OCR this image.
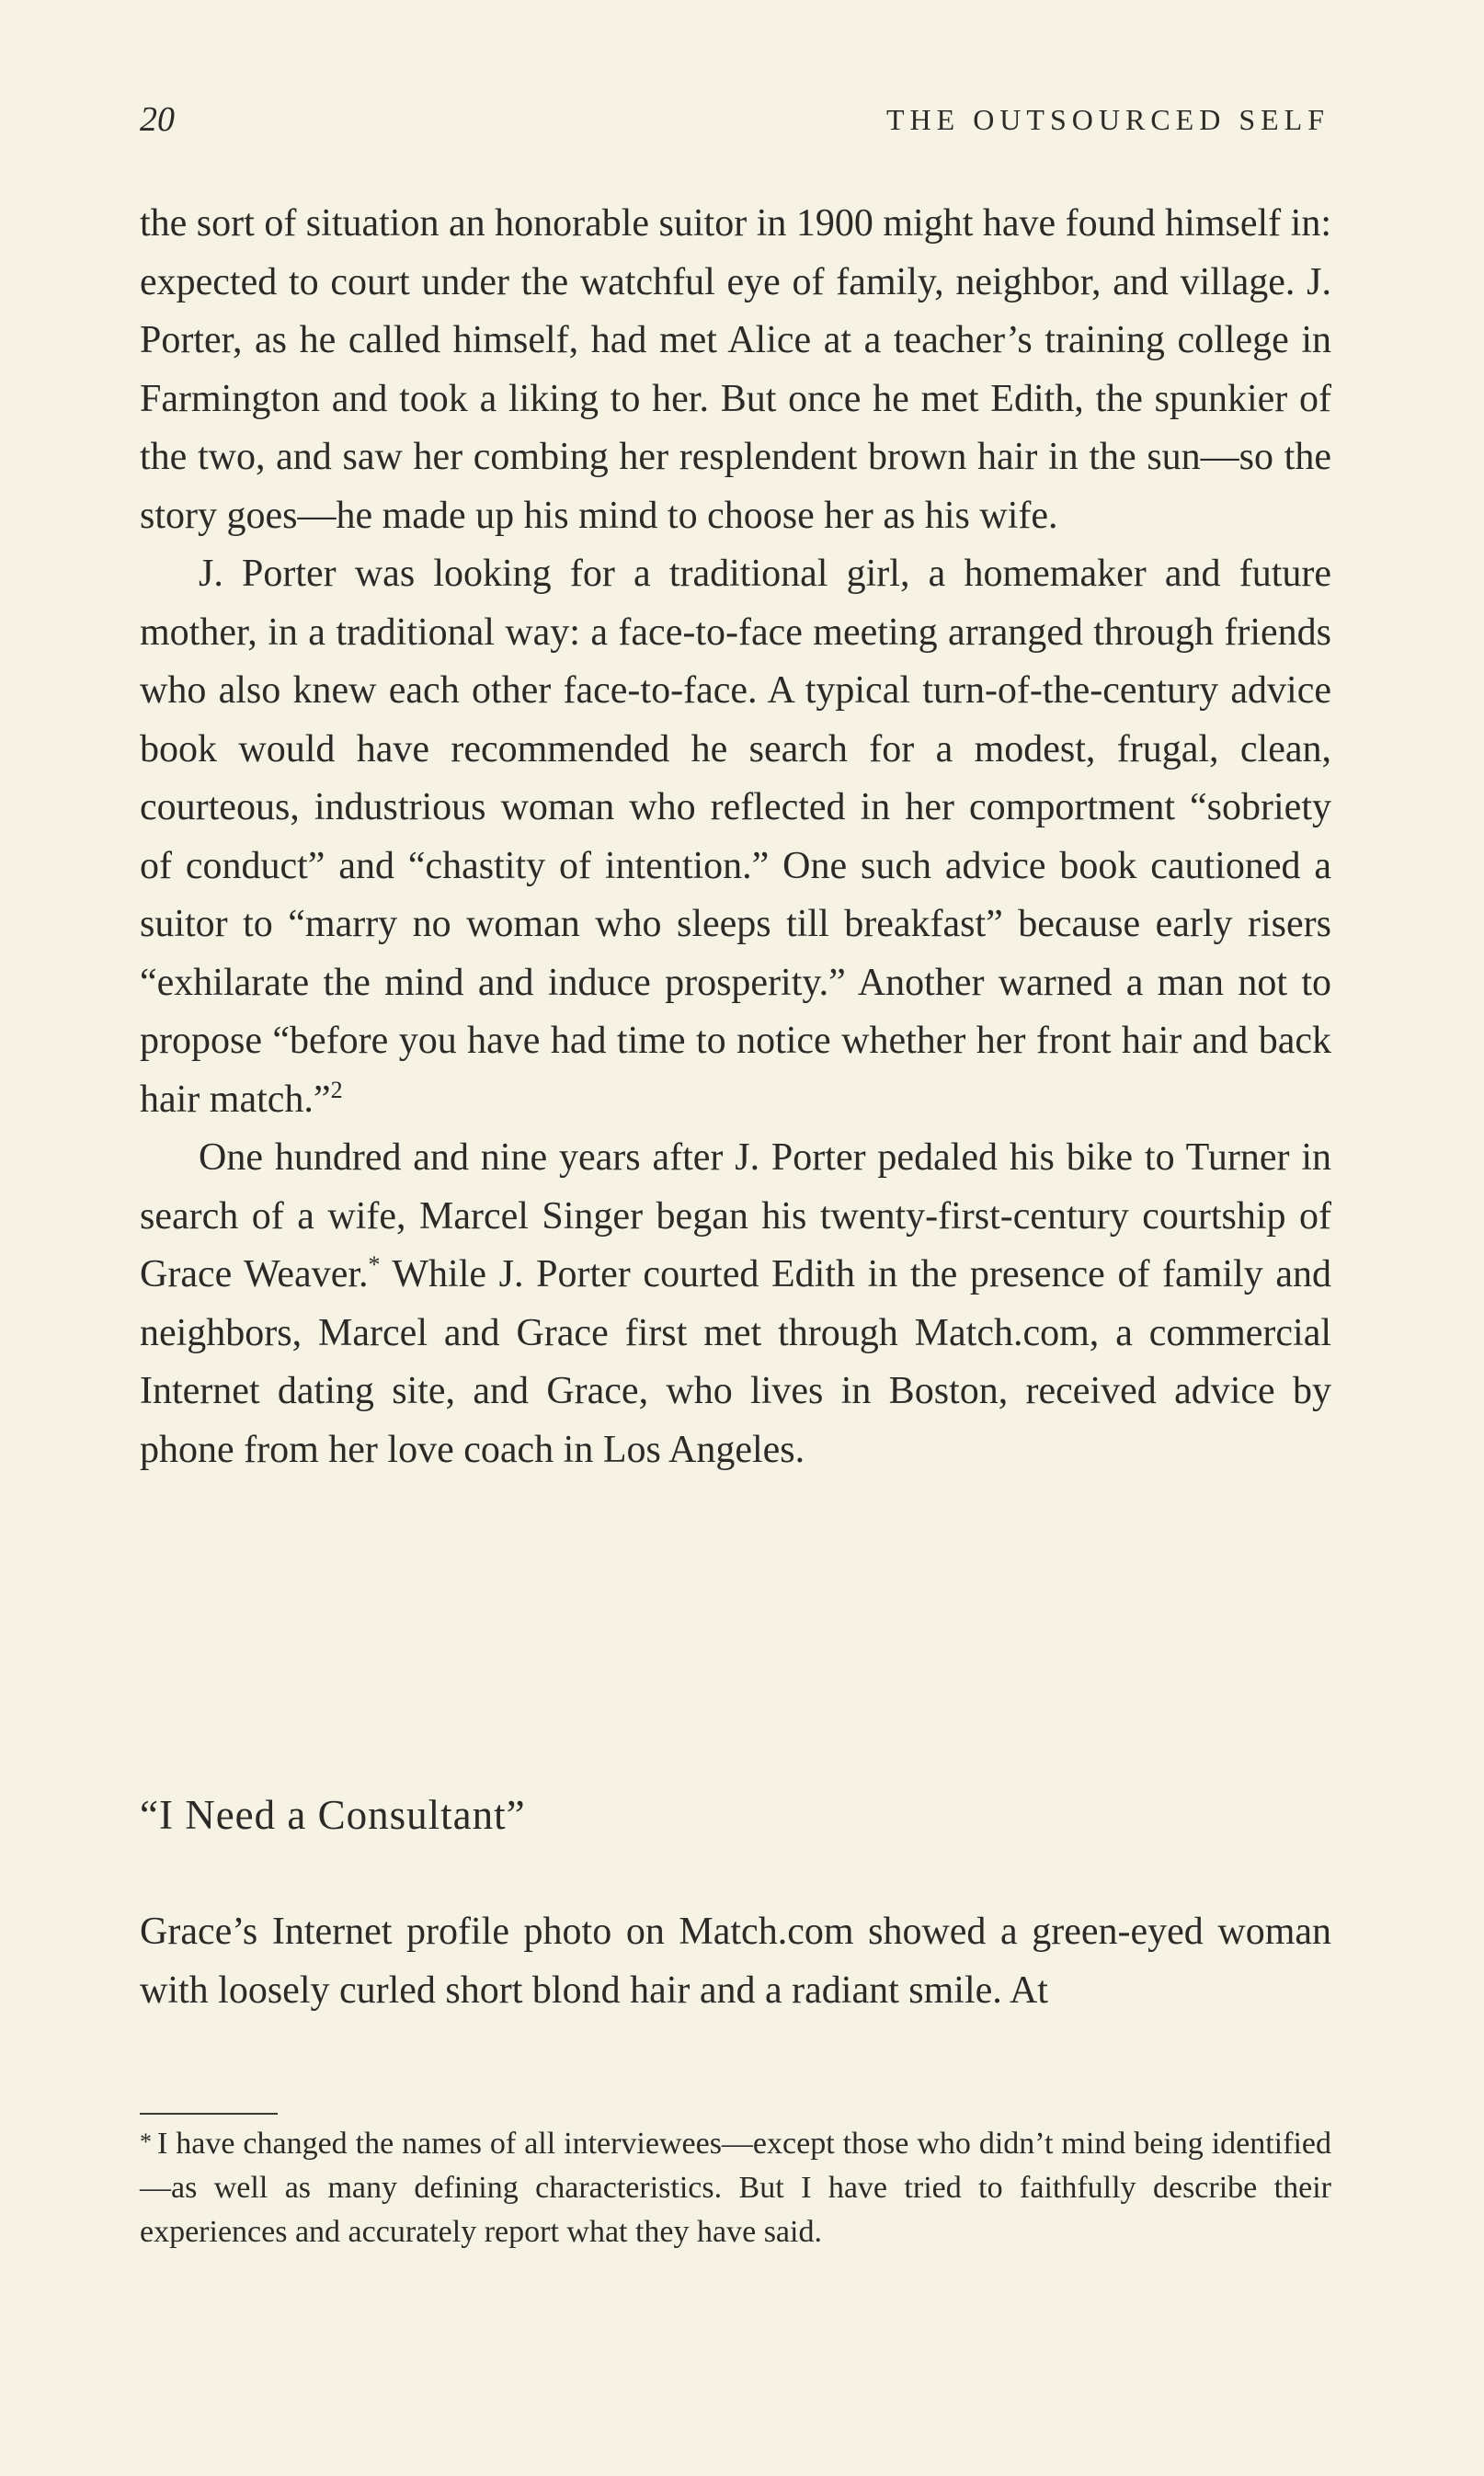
20	THE OUTSOURCED SELF

the sort of situation an honorable suitor in 1900 might have found himself in: expected to court under the watchful eye of family, neighbor, and village. J. Porter, as he called himself, had met Alice at a teacher’s training college in Farmington and took a liking to her. But once he met Edith, the spunkier of the two, and saw her combing her resplendent brown hair in the sun—so the story goes—he made up his mind to choose her as his wife.

J. Porter was looking for a traditional girl, a homemaker and future mother, in a traditional way: a face-to-face meeting arranged through friends who also knew each other face-to-face. A typical turn-of-the-century advice book would have recommended he search for a modest, frugal, clean, courteous, industrious woman who reflected in her comportment “sobriety of conduct” and “chastity of intention.” One such advice book cautioned a suitor to “marry no woman who sleeps till breakfast” because early risers “exhilarate the mind and induce prosperity.” Another warned a man not to propose “before you have had time to notice whether her front hair and back hair match.”$^2$

One hundred and nine years after J. Porter pedaled his bike to Turner in search of a wife, Marcel Singer began his twenty-first-century courtship of Grace Weaver.* While J. Porter courted Edith in the presence of family and neighbors, Marcel and Grace first met through Match.com, a commercial Internet dating site, and Grace, who lives in Boston, received advice by phone from her love coach in Los Angeles.

“I Need a Consultant”

Grace’s Internet profile photo on Match.com showed a green-eyed woman with loosely curled short blond hair and a radiant smile. At

* I have changed the names of all interviewees—except those who didn’t mind being identified—as well as many defining characteristics. But I have tried to faithfully describe their experiences and accurately report what they have said.
